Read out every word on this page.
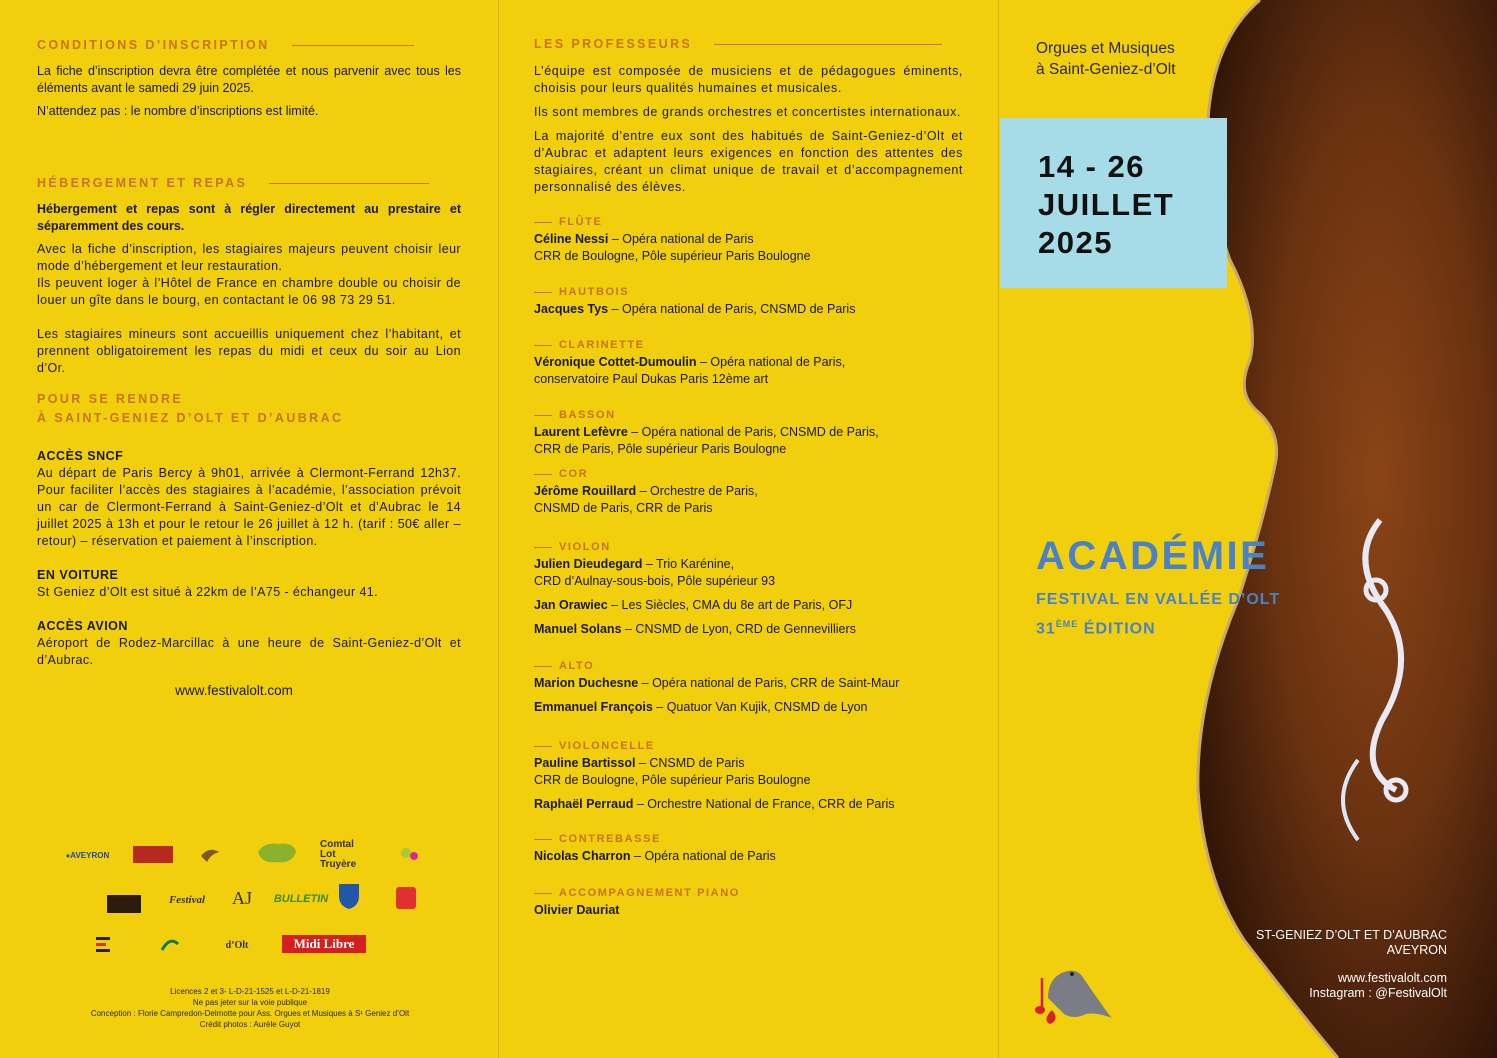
CONDITIONS D’INSCRIPTION

La fiche d’inscription devra être complétée et nous parvenir avec tous les éléments avant le samedi 29 juin 2025.

N’attendez pas : le nombre d’inscriptions est limité.

HÉBERGEMENT ET REPAS

Hébergement et repas sont à régler directement au prestaire et séparemment des cours.

Avec la fiche d’inscription, les stagiaires majeurs peuvent choisir leur mode d’hébergement et leur restauration.

Ils peuvent loger à l’Hôtel de France en chambre double ou choisir de louer un gîte dans le bourg, en contactant le 06 98 73 29 51.

Les stagiaires mineurs sont accueillis uniquement chez l’habitant, et prennent obligatoirement les repas du midi et ceux du soir au Lion d’Or.

POUR SE RENDRE
À SAINT-GENIEZ D’OLT ET D’AUBRAC
ACCÈS SNCF

Au départ de Paris Bercy à 9h01, arrivée à Clermont-Ferrand 12h37. Pour faciliter l’accès des stagiaires à l’académie, l’association prévoit un car de Clermont-Ferrand à Saint-Geniez-d’Olt et d’Aubrac le 14 juillet 2025 à 13h et pour le retour le 26 juillet à 12 h. (tarif : 50€ aller – retour) – réservation et paiement à l’inscription.

EN VOITURE

St Geniez d’Olt est situé à 22km de l’A75 - échangeur 41.

ACCÈS AVION

Aéroport de Rodez-Marcillac à une heure de Saint-Geniez-d’Olt et d’Aubrac.

www.festivalolt.com
● AVEYRON
Comtal Lot Truyère
Festival AJ BULLETIN
d’Olt	Midi Libre
Licences 2 et 3- L-D-21-1525 et L-D-21-1819
Ne pas jeter sur la voie publique
Conception : Florie Campredon-Delmotte pour Ass. Orgues et Musiques à S¹ Geniez d’Olt
Crédit photos : Aurèle Guyot
LES PROFESSEURS

L’équipe est composée de musiciens et de pédagogues éminents, choisis pour leurs qualités humaines et musicales.

Ils sont membres de grands orchestres et concertistes internationaux.

La majorité d’entre eux sont des habitués de Saint-Geniez-d’Olt et d’Aubrac et adaptent leurs exigences en fonction des attentes des stagiaires, créant un climat unique de travail et d’accompagnement personnalisé des élèves.

FLÛTE
Céline Nessi – Opéra national de Paris
CRR de Boulogne, Pôle supérieur Paris Boulogne
HAUTBOIS
Jacques Tys – Opéra national de Paris, CNSMD de Paris
CLARINETTE
Véronique Cottet-Dumoulin – Opéra national de Paris,
conservatoire Paul Dukas Paris 12ème art
BASSON
Laurent Lefèvre – Opéra national de Paris, CNSMD de Paris,
CRR de Paris, Pôle supérieur Paris Boulogne
COR
Jérôme Rouillard – Orchestre de Paris,
CNSMD de Paris, CRR de Paris
VIOLON
Julien Dieudegard – Trio Karénine,
CRD d’Aulnay-sous-bois, Pôle supérieur 93
Jan Orawiec – Les Siècles, CMA du 8e art de Paris, OFJ
Manuel Solans – CNSMD de Lyon, CRD de Gennevilliers
ALTO
Marion Duchesne – Opéra national de Paris, CRR de Saint-Maur
Emmanuel François – Quatuor Van Kujik, CNSMD de Lyon
VIOLONCELLE
Pauline Bartissol – CNSMD de Paris
CRR de Boulogne, Pôle supérieur Paris Boulogne
Raphaël Perraud – Orchestre National de France, CRR de Paris
CONTREBASSE
Nicolas Charron – Opéra national de Paris
ACCOMPAGNEMENT PIANO
Olivier Dauriat
Orgues et Musiques
à Saint-Geniez-d’Olt
14 - 26
JUILLET
2025
ACADÉMIE
FESTIVAL EN VALLÉE D’OLT
31ÈME ÉDITION
ST-GENIEZ D’OLT ET D’AUBRAC
AVEYRON
www.festivalolt.com
Instagram : @FestivalOlt
